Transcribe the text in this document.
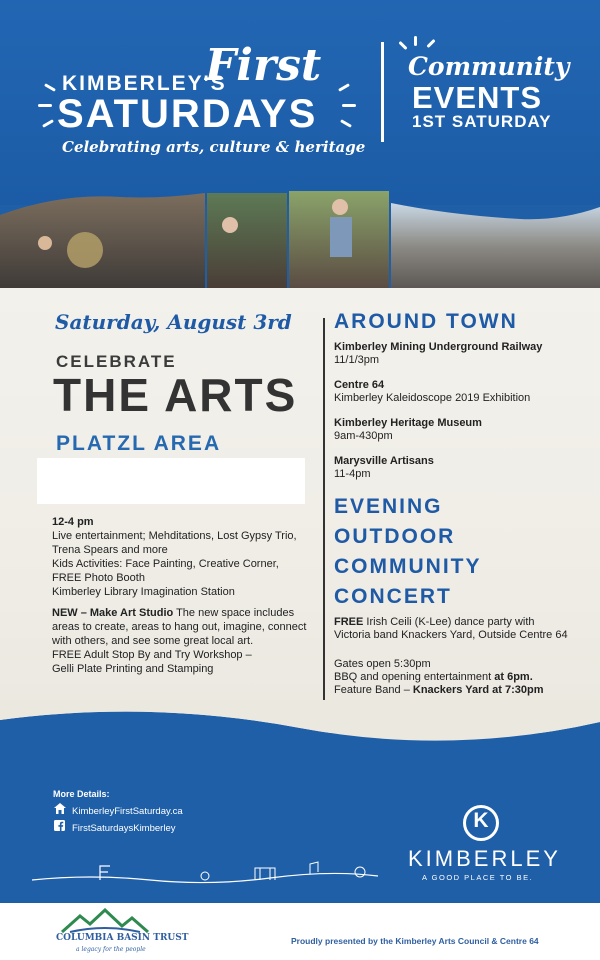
KIMBERLEY'S
First
SATURDAYS
Celebrating arts, culture & heritage
Community
EVENTS
1ST SATURDAY
Saturday, August 3rd
CELEBRATE
THE ARTS
PLATZL AREA

12-4 pm

Live entertainment; Mehditations, Lost Gypsy Trio,

Trena Spears and more

Kids Activities: Face Painting, Creative Corner,

FREE Photo Booth

Kimberley Library Imagination Station

NEW – Make Art Studio The new space includes

areas to create, areas to hang out, imagine, connect

with others, and see some great local art.

FREE Adult Stop By and Try Workshop –

Gelli Plate Printing and Stamping

AROUND TOWN
Kimberley Mining Underground Railway
11/1/3pm
Centre 64
Kimberley Kaleidoscope 2019 Exhibition
Kimberley Heritage Museum
9am-430pm
Marysville Artisans
11-4pm
EVENING
OUTDOOR
COMMUNITY
CONCERT
FREE Irish Ceili (K-Lee) dance party with
Victoria band Knackers Yard, Outside Centre 64
Gates open 5:30pm
BBQ and opening entertainment at 6pm.
Feature Band – Knackers Yard at 7:30pm
More Details:
KimberleyFirstSaturday.ca
FirstSaturdaysKimberley	K
KIMBERLEY
A GOOD PLACE TO BE.
COLUMBIA BASIN TRUST
a legacy for the people
Proudly presented by the Kimberley Arts Council & Centre 64
